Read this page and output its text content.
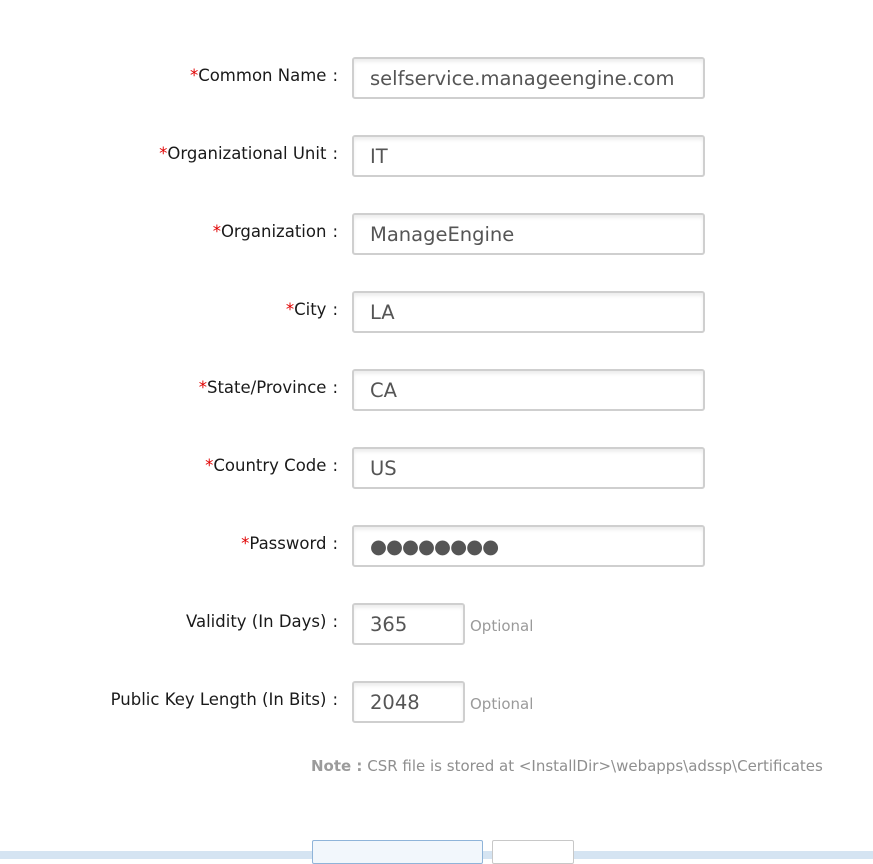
*Common Name :
selfservice.manageengine.com
*Organizational Unit :
IT
*Organization :
ManageEngine
*City :
LA
*State/Province :
CA
*Country Code :
US
*Password :
●●●●●●●●
Validity (In Days) :
365	Optional
Public Key Length (In Bits) :
2048	Optional
Note : CSR file is stored at <InstallDir>\webapps\adssp\Certificates
